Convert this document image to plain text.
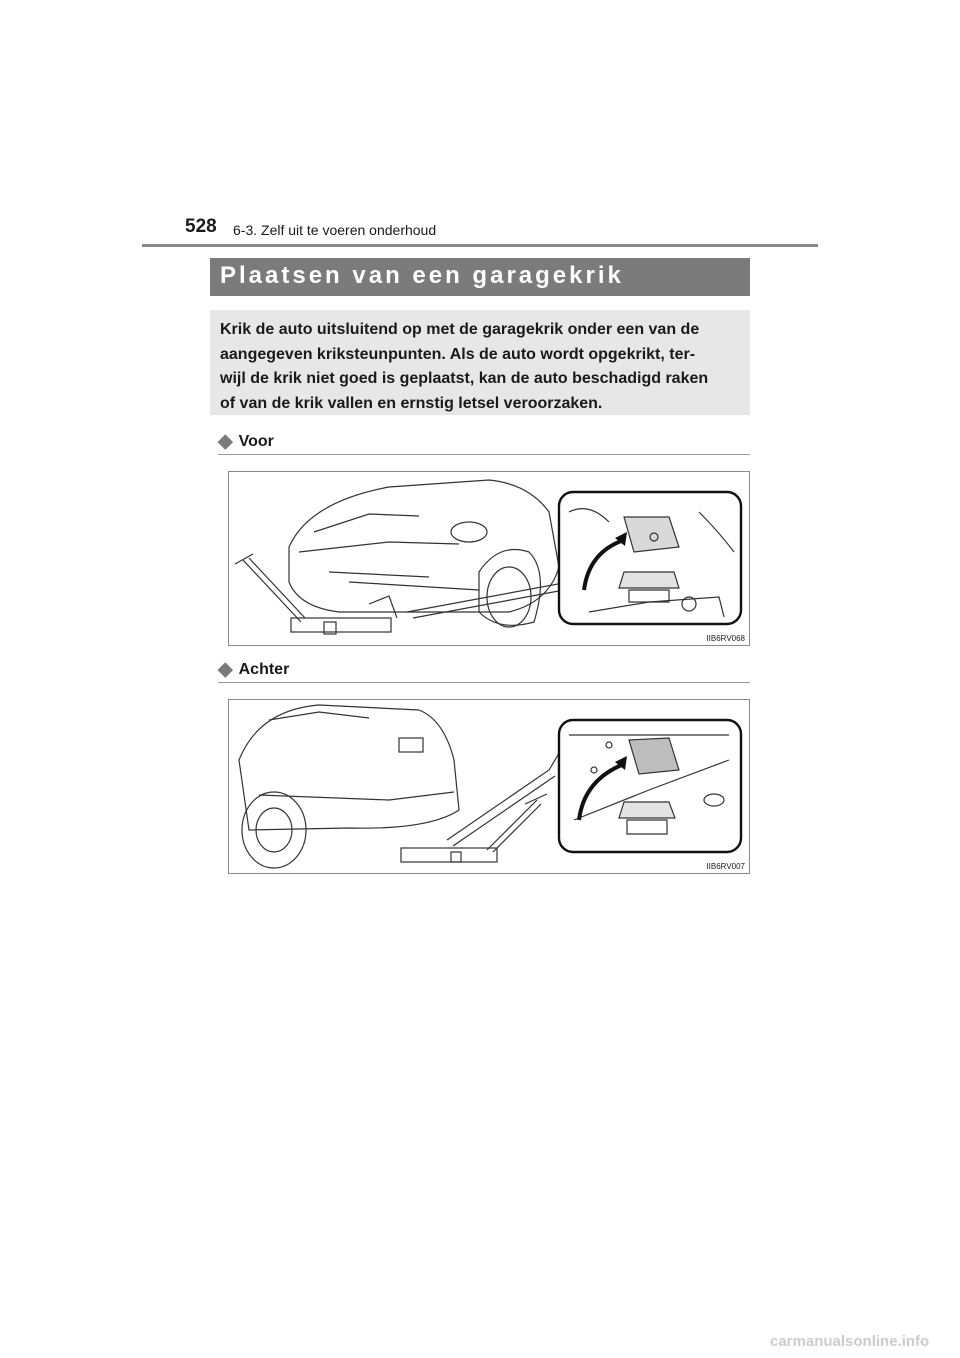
528 6-3. Zelf uit te voeren onderhoud
Plaatsen van een garagekrik
Krik de auto uitsluitend op met de garagekrik onder een van de
aangegeven kriksteunpunten. Als de auto wordt opgekrikt, ter-
wijl de krik niet goed is geplaatst, kan de auto beschadigd raken
of van de krik vallen en ernstig letsel veroorzaken.
◆ Voor
IIB6RV068
◆ Achter
IIB6RV007
carmanualsonline.info
